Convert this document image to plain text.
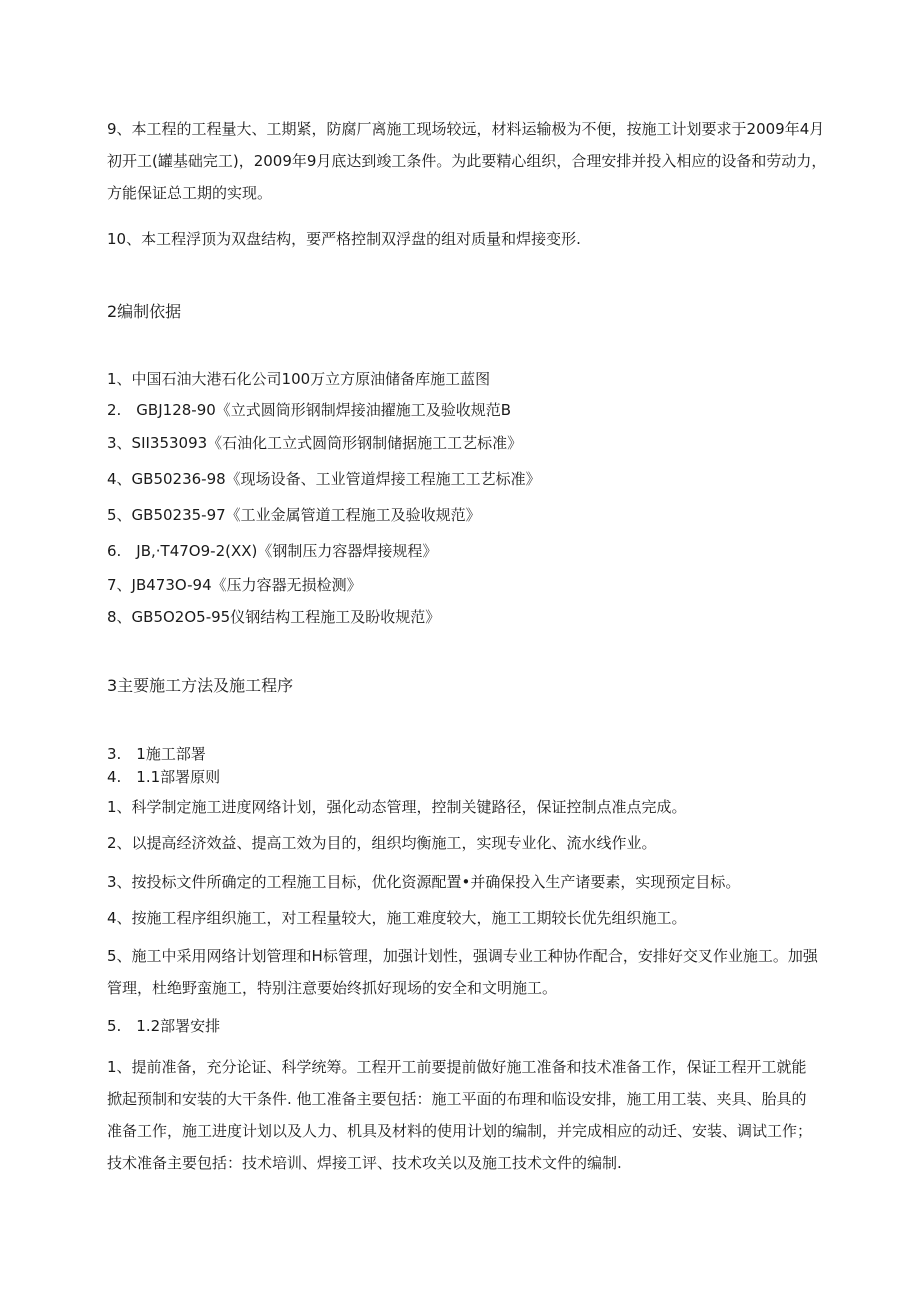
9、本工程的工程量大、工期紧，防腐厂离施工现场较远，材料运输极为不便，按施工计划要求于2009年4月
初开工(罐基础完工)，2009年9月底达到竣工条件。为此要精心组织，合理安排并投入相应的设备和劳动力，
方能保证总工期的实现。
10、本工程浮顶为双盘结构，要严格控制双浮盘的组对质量和焊接变形.
2编制依据
1、中国石油大港石化公司100万立方原油储备库施工蓝图
2.　GBJ128-90《立式圆筒形钢制焊接油擢施工及验收规范B
3、SII353093《石油化工立式圆筒形钢制储据施工工艺标准》
4、GB50236-98《现场设备、工业管道焊接工程施工工艺标准》
5、GB50235-97《工业金属管道工程施工及验收规范》
6.　JB,·T47O9-2(XX)《钢制压力容器焊接规程》
7、JB473O-94《压力容器无损检测》
8、GB5O2O5-95仪钢结构工程施工及盼收规范》
3主要施工方法及施工程序
3.　1施工部署
4.　1.1部署原则
1、科学制定施工进度网络计划，强化动态管理，控制关键路径，保证控制点准点完成。
2、以提高经济效益、提高工效为目的，组织均衡施工，实现专业化、流水线作业。
3、按投标文件所确定的工程施工目标，优化资源配置•并确保投入生产诸要素，实现预定目标。
4、按施工程序组织施工，对工程量较大，施工难度较大，施工工期较长优先组织施工。
5、施工中采用网络计划管理和H标管理，加强计划性，强调专业工种协作配合，安排好交叉作业施工。加强
管理，杜绝野蛮施工，特别注意要始终抓好现场的安全和文明施工。
5.　1.2部署安排
1、提前准备，充分论证、科学统筹。工程开工前要提前做好施工准备和技术准备工作，保证工程开工就能
掀起预制和安装的大干条件. 他工准备主要包括：施工平面的布理和临设安排，施工用工装、夹具、胎具的
准备工作，施工进度计划以及人力、机具及材料的使用计划的编制，并完成相应的动迁、安装、调试工作；
技术准备主要包括：技术培训、焊接工评、技术攻关以及施工技术文件的编制.
